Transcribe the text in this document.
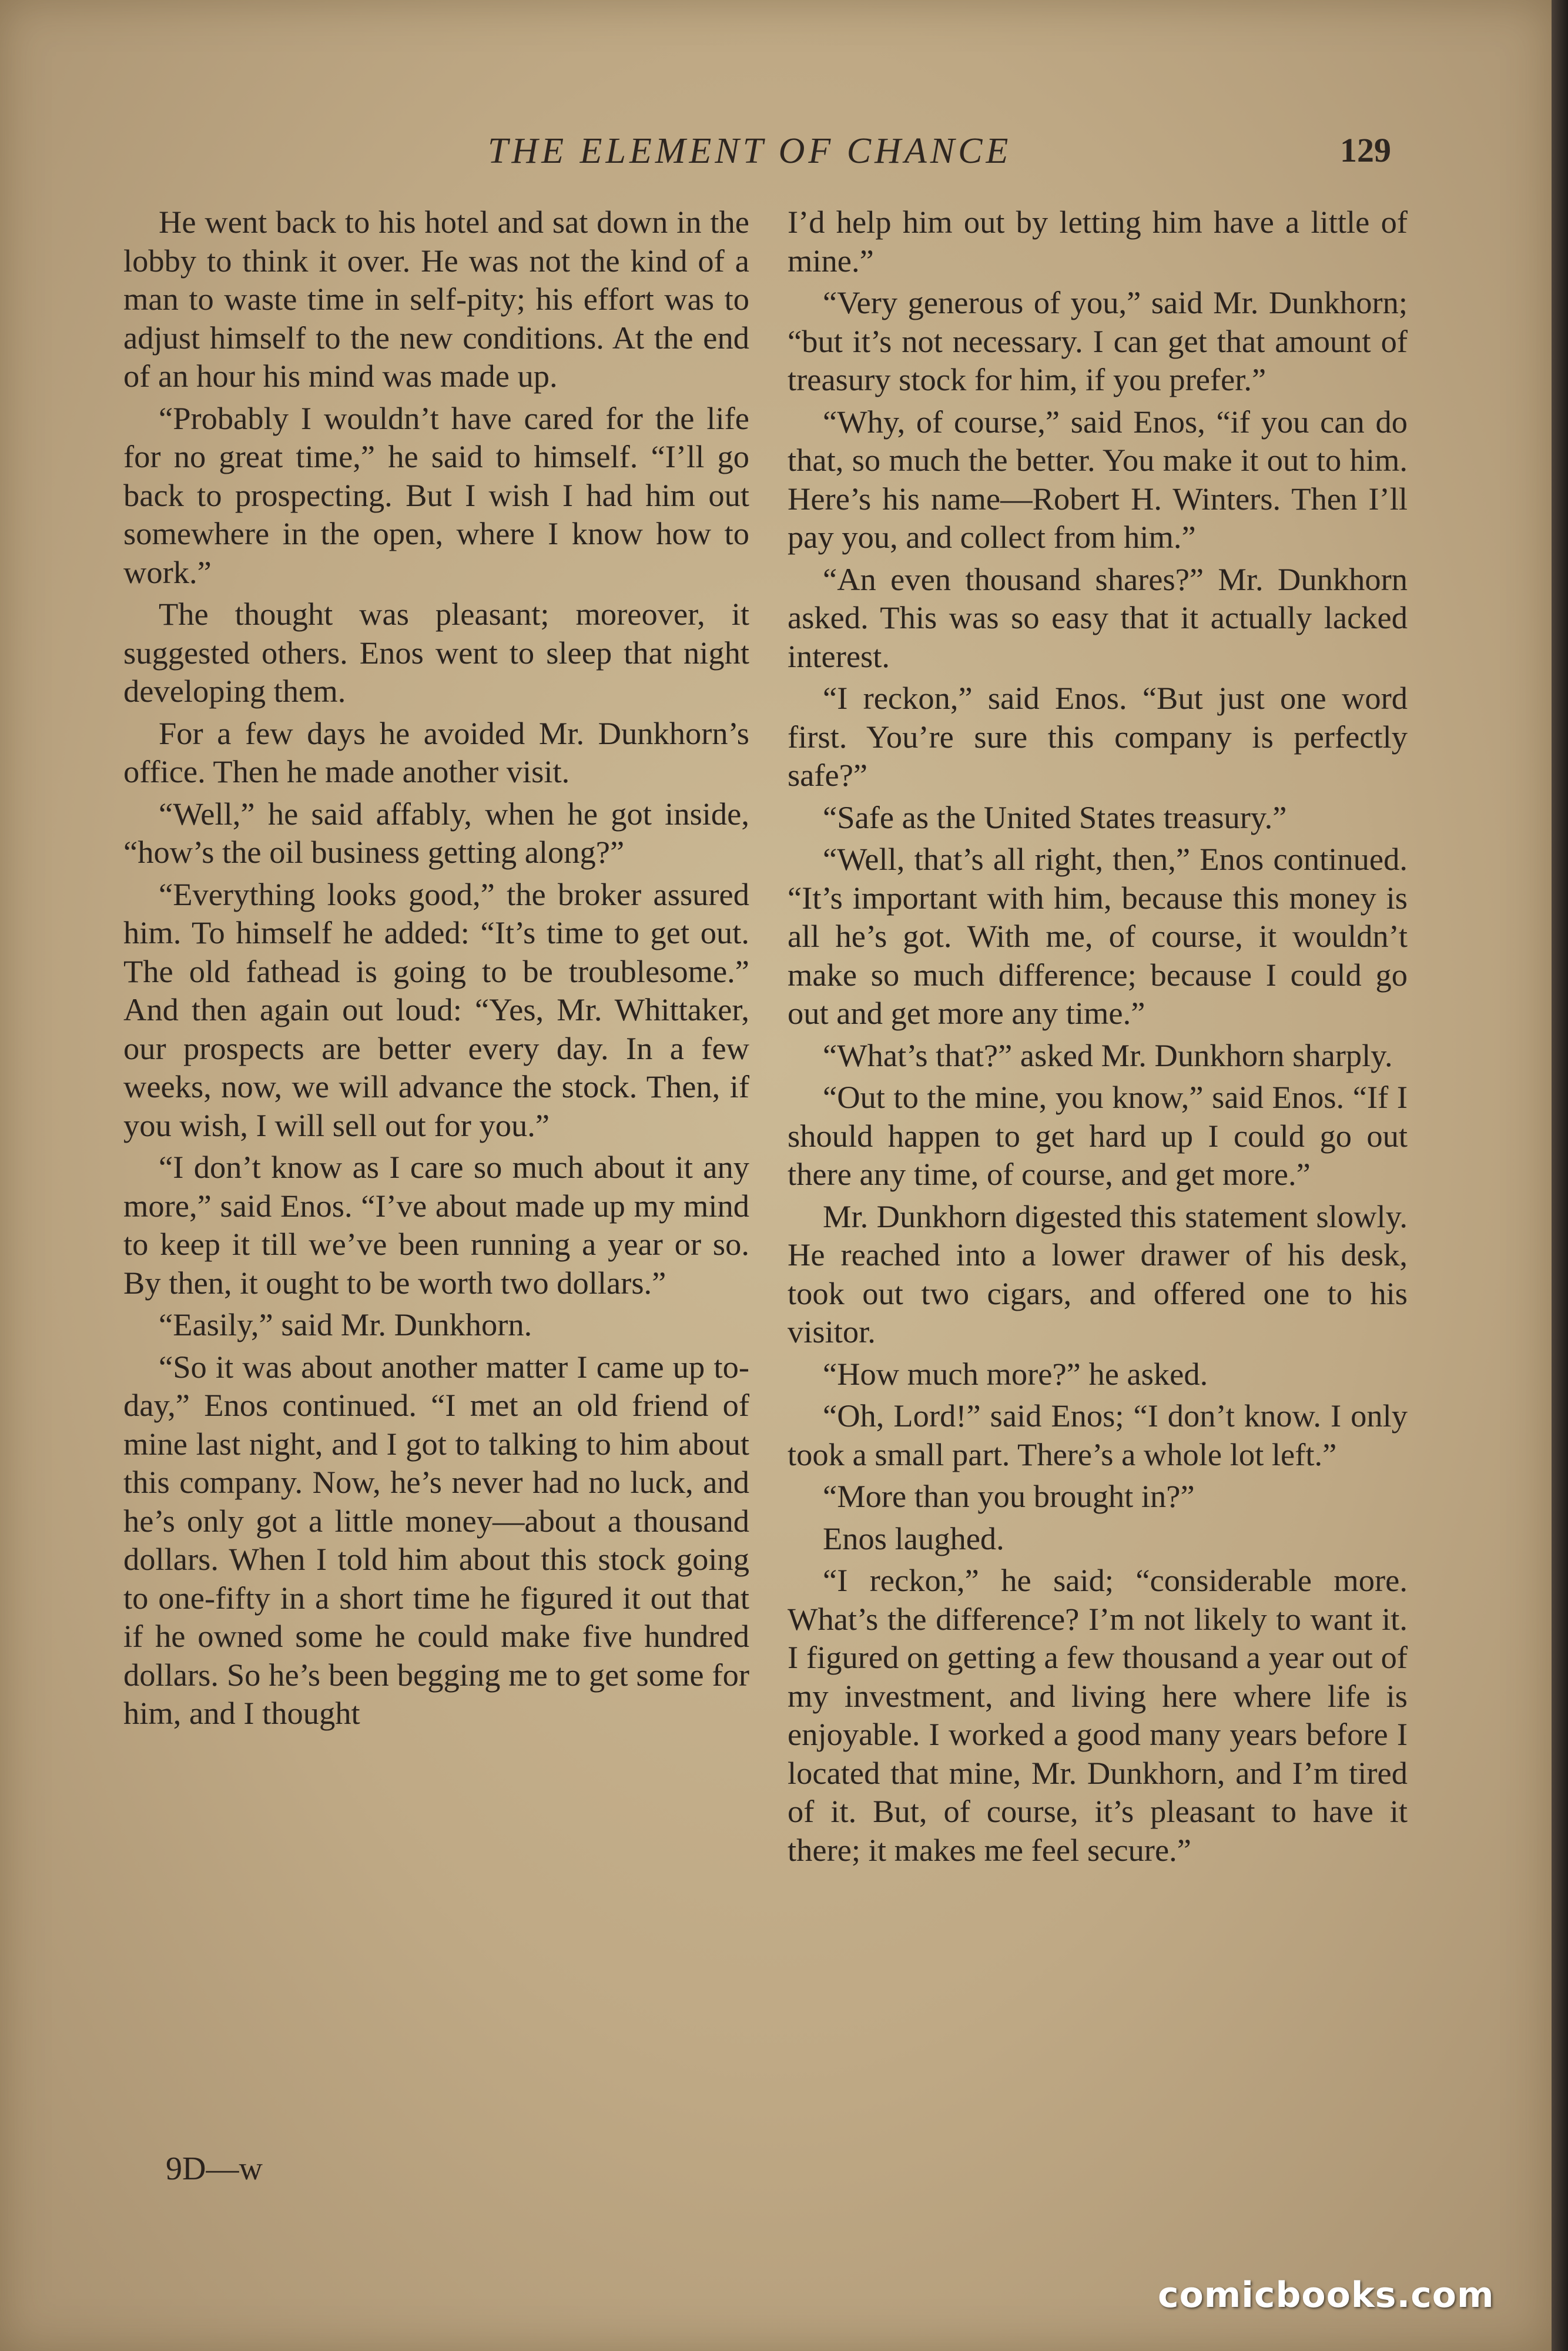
THE ELEMENT OF CHANCE	129

He went back to his hotel and sat down in the lobby to think it over. He was not the kind of a man to waste time in self-pity; his effort was to adjust himself to the new conditions. At the end of an hour his mind was made up.

“Probably I wouldn’t have cared for the life for no great time,” he said to himself. “I’ll go back to prospecting. But I wish I had him out somewhere in the open, where I know how to work.”

The thought was pleasant; moreover, it suggested others. Enos went to sleep that night developing them.

For a few days he avoided Mr. Dunkhorn’s office. Then he made another visit.

“Well,” he said affably, when he got inside, “how’s the oil business getting along?”

“Everything looks good,” the broker assured him. To himself he added: “It’s time to get out. The old fathead is going to be troublesome.” And then again out loud: “Yes, Mr. Whittaker, our prospects are better every day. In a few weeks, now, we will advance the stock. Then, if you wish, I will sell out for you.”

“I don’t know as I care so much about it any more,” said Enos. “I’ve about made up my mind to keep it till we’ve been running a year or so. By then, it ought to be worth two dollars.”

“Easily,” said Mr. Dunkhorn.

“So it was about another matter I came up to-day,” Enos continued. “I met an old friend of mine last night, and I got to talking to him about this company. Now, he’s never had no luck, and he’s only got a little money—about a thousand dollars. When I told him about this stock going to one-fifty in a short time he figured it out that if he owned some he could make five hundred dollars. So he’s been begging me to get some for him, and I thought

I’d help him out by letting him have a little of mine.”

“Very generous of you,” said Mr. Dunkhorn; “but it’s not necessary. I can get that amount of treasury stock for him, if you prefer.”

“Why, of course,” said Enos, “if you can do that, so much the better. You make it out to him. Here’s his name—Robert H. Winters. Then I’ll pay you, and collect from him.”

“An even thousand shares?” Mr. Dunkhorn asked. This was so easy that it actually lacked interest.

“I reckon,” said Enos. “But just one word first. You’re sure this company is perfectly safe?”

“Safe as the United States treasury.”

“Well, that’s all right, then,” Enos continued. “It’s important with him, because this money is all he’s got. With me, of course, it wouldn’t make so much difference; because I could go out and get more any time.”

“What’s that?” asked Mr. Dunkhorn sharply.

“Out to the mine, you know,” said Enos. “If I should happen to get hard up I could go out there any time, of course, and get more.”

Mr. Dunkhorn digested this statement slowly. He reached into a lower drawer of his desk, took out two cigars, and offered one to his visitor.

“How much more?” he asked.

“Oh, Lord!” said Enos; “I don’t know. I only took a small part. There’s a whole lot left.”

“More than you brought in?”

Enos laughed.

“I reckon,” he said; “considerable more. What’s the difference? I’m not likely to want it. I figured on getting a few thousand a year out of my investment, and living here where life is enjoyable. I worked a good many years before I located that mine, Mr. Dunkhorn, and I’m tired of it. But, of course, it’s pleasant to have it there; it makes me feel secure.”

9D—w
comicbooks.com
